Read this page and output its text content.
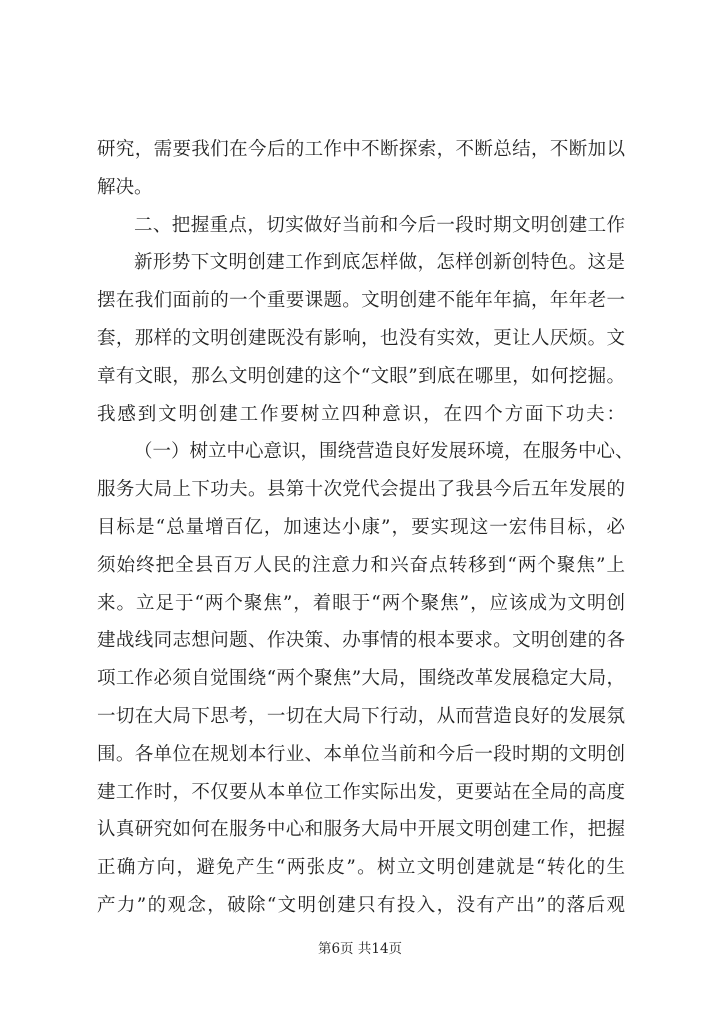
研究，需要我们在今后的工作中不断探索，不断总结，不断加以
解决。
二、把握重点，切实做好当前和今后一段时期文明创建工作
新形势下文明创建工作到底怎样做，怎样创新创特色。这是
摆在我们面前的一个重要课题。文明创建不能年年搞，年年老一
套，那样的文明创建既没有影响，也没有实效，更让人厌烦。文
章有文眼，那么文明创建的这个“文眼”到底在哪里，如何挖掘。
我感到文明创建工作要树立四种意识，在四个方面下功夫：
（一）树立中心意识，围绕营造良好发展环境，在服务中心、
服务大局上下功夫。县第十次党代会提出了我县今后五年发展的
目标是“总量增百亿，加速达小康”，要实现这一宏伟目标，必
须始终把全县百万人民的注意力和兴奋点转移到“两个聚焦”上
来。立足于“两个聚焦”，着眼于“两个聚焦”，应该成为文明创
建战线同志想问题、作决策、办事情的根本要求。文明创建的各
项工作必须自觉围绕“两个聚焦”大局，围绕改革发展稳定大局，
一切在大局下思考，一切在大局下行动，从而营造良好的发展氛
围。各单位在规划本行业、本单位当前和今后一段时期的文明创
建工作时，不仅要从本单位工作实际出发，更要站在全局的高度
认真研究如何在服务中心和服务大局中开展文明创建工作，把握
正确方向，避免产生“两张皮”。树立文明创建就是“转化的生
产力”的观念，破除“文明创建只有投入，没有产出”的落后观
第6页 共14页
